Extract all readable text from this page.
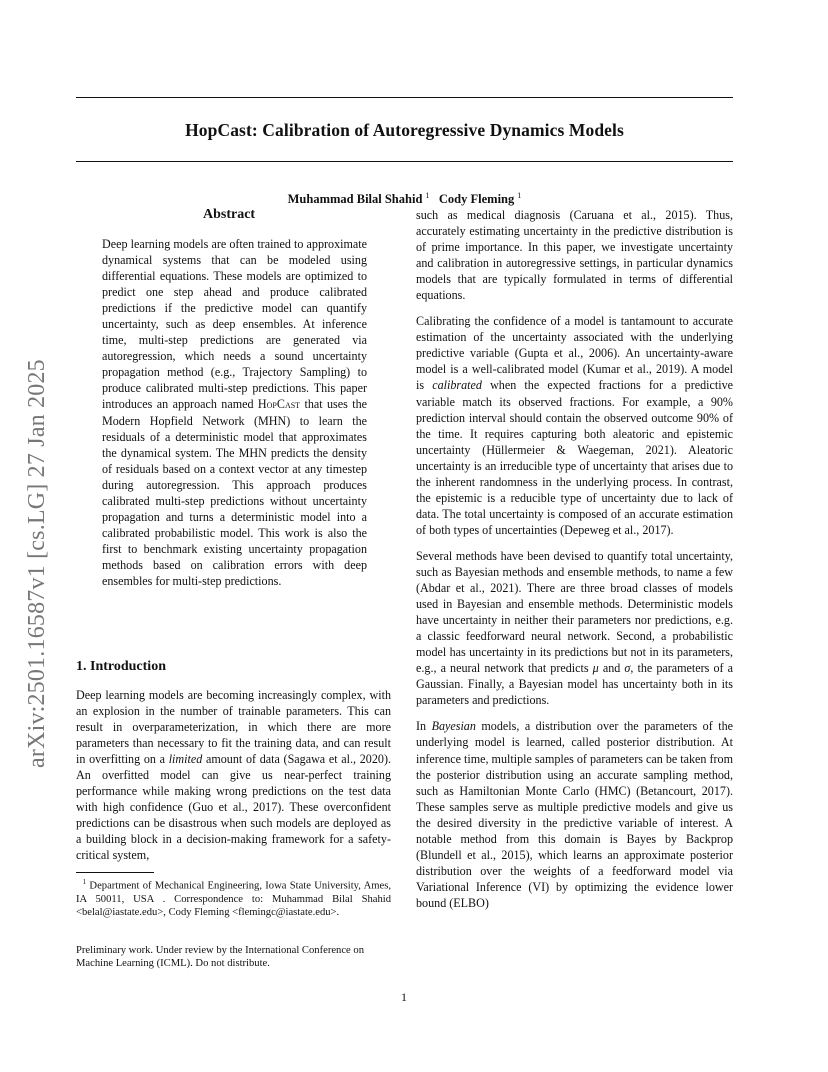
arXiv:2501.16587v1 [cs.LG] 27 Jan 2025
HopCast: Calibration of Autoregressive Dynamics Models
Muhammad Bilal Shahid $^1$ Cody Fleming $^1$
Abstract
Deep learning models are often trained to approximate dynamical systems that can be modeled using differential equations. These models are optimized to predict one step ahead and produce calibrated predictions if the predictive model can quantify uncertainty, such as deep ensembles. At inference time, multi-step predictions are generated via autoregression, which needs a sound uncertainty propagation method (e.g., Trajectory Sampling) to produce calibrated multi-step predictions. This paper introduces an approach named HopCast that uses the Modern Hopfield Network (MHN) to learn the residuals of a deterministic model that approximates the dynamical system. The MHN predicts the density of residuals based on a context vector at any timestep during autoregression. This approach produces calibrated multi-step predictions without uncertainty propagation and turns a deterministic model into a calibrated probabilistic model. This work is also the first to benchmark existing uncertainty propagation methods based on calibration errors with deep ensembles for multi-step predictions.
1. Introduction
Deep learning models are becoming increasingly complex, with an explosion in the number of trainable parameters. This can result in overparameterization, in which there are more parameters than necessary to fit the training data, and can result in overfitting on a limited amount of data (Sagawa et al., 2020). An overfitted model can give us near-perfect training performance while making wrong predictions on the test data with high confidence (Guo et al., 2017). These overconfident predictions can be disastrous when such models are deployed as a building block in a decision-making framework for a safety-critical system,
$^1$ Department of Mechanical Engineering, Iowa State University, Ames, IA 50011, USA . Correspondence to: Muhammad Bilal Shahid <belal@iastate.edu>, Cody Fleming <flemingc@iastate.edu>.
Preliminary work. Under review by the International Conference on Machine Learning (ICML). Do not distribute.

such as medical diagnosis (Caruana et al., 2015). Thus, accurately estimating uncertainty in the predictive distribution is of prime importance. In this paper, we investigate uncertainty and calibration in autoregressive settings, in particular dynamics models that are typically formulated in terms of differential equations.

Calibrating the confidence of a model is tantamount to accurate estimation of the uncertainty associated with the underlying predictive variable (Gupta et al., 2006). An uncertainty-aware model is a well-calibrated model (Kumar et al., 2019). A model is calibrated when the expected fractions for a predictive variable match its observed fractions. For example, a 90% prediction interval should contain the observed outcome 90% of the time. It requires capturing both aleatoric and epistemic uncertainty (Hüllermeier & Waegeman, 2021). Aleatoric uncertainty is an irreducible type of uncertainty that arises due to the inherent randomness in the underlying process. In contrast, the epistemic is a reducible type of uncertainty due to lack of data. The total uncertainty is composed of an accurate estimation of both types of uncertainties (Depeweg et al., 2017).

Several methods have been devised to quantify total uncertainty, such as Bayesian methods and ensemble methods, to name a few (Abdar et al., 2021). There are three broad classes of models used in Bayesian and ensemble methods. Deterministic models have uncertainty in neither their parameters nor predictions, e.g. a classic feedforward neural network. Second, a probabilistic model has uncertainty in its predictions but not in its parameters, e.g., a neural network that predicts μ and σ, the parameters of a Gaussian. Finally, a Bayesian model has uncertainty both in its parameters and predictions.

In Bayesian models, a distribution over the parameters of the underlying model is learned, called posterior distribution. At inference time, multiple samples of parameters can be taken from the posterior distribution using an accurate sampling method, such as Hamiltonian Monte Carlo (HMC) (Betancourt, 2017). These samples serve as multiple predictive models and give us the desired diversity in the predictive variable of interest. A notable method from this domain is Bayes by Backprop (Blundell et al., 2015), which learns an approximate posterior distribution over the weights of a feedforward model via Variational Inference (VI) by optimizing the evidence lower bound (ELBO)

1
